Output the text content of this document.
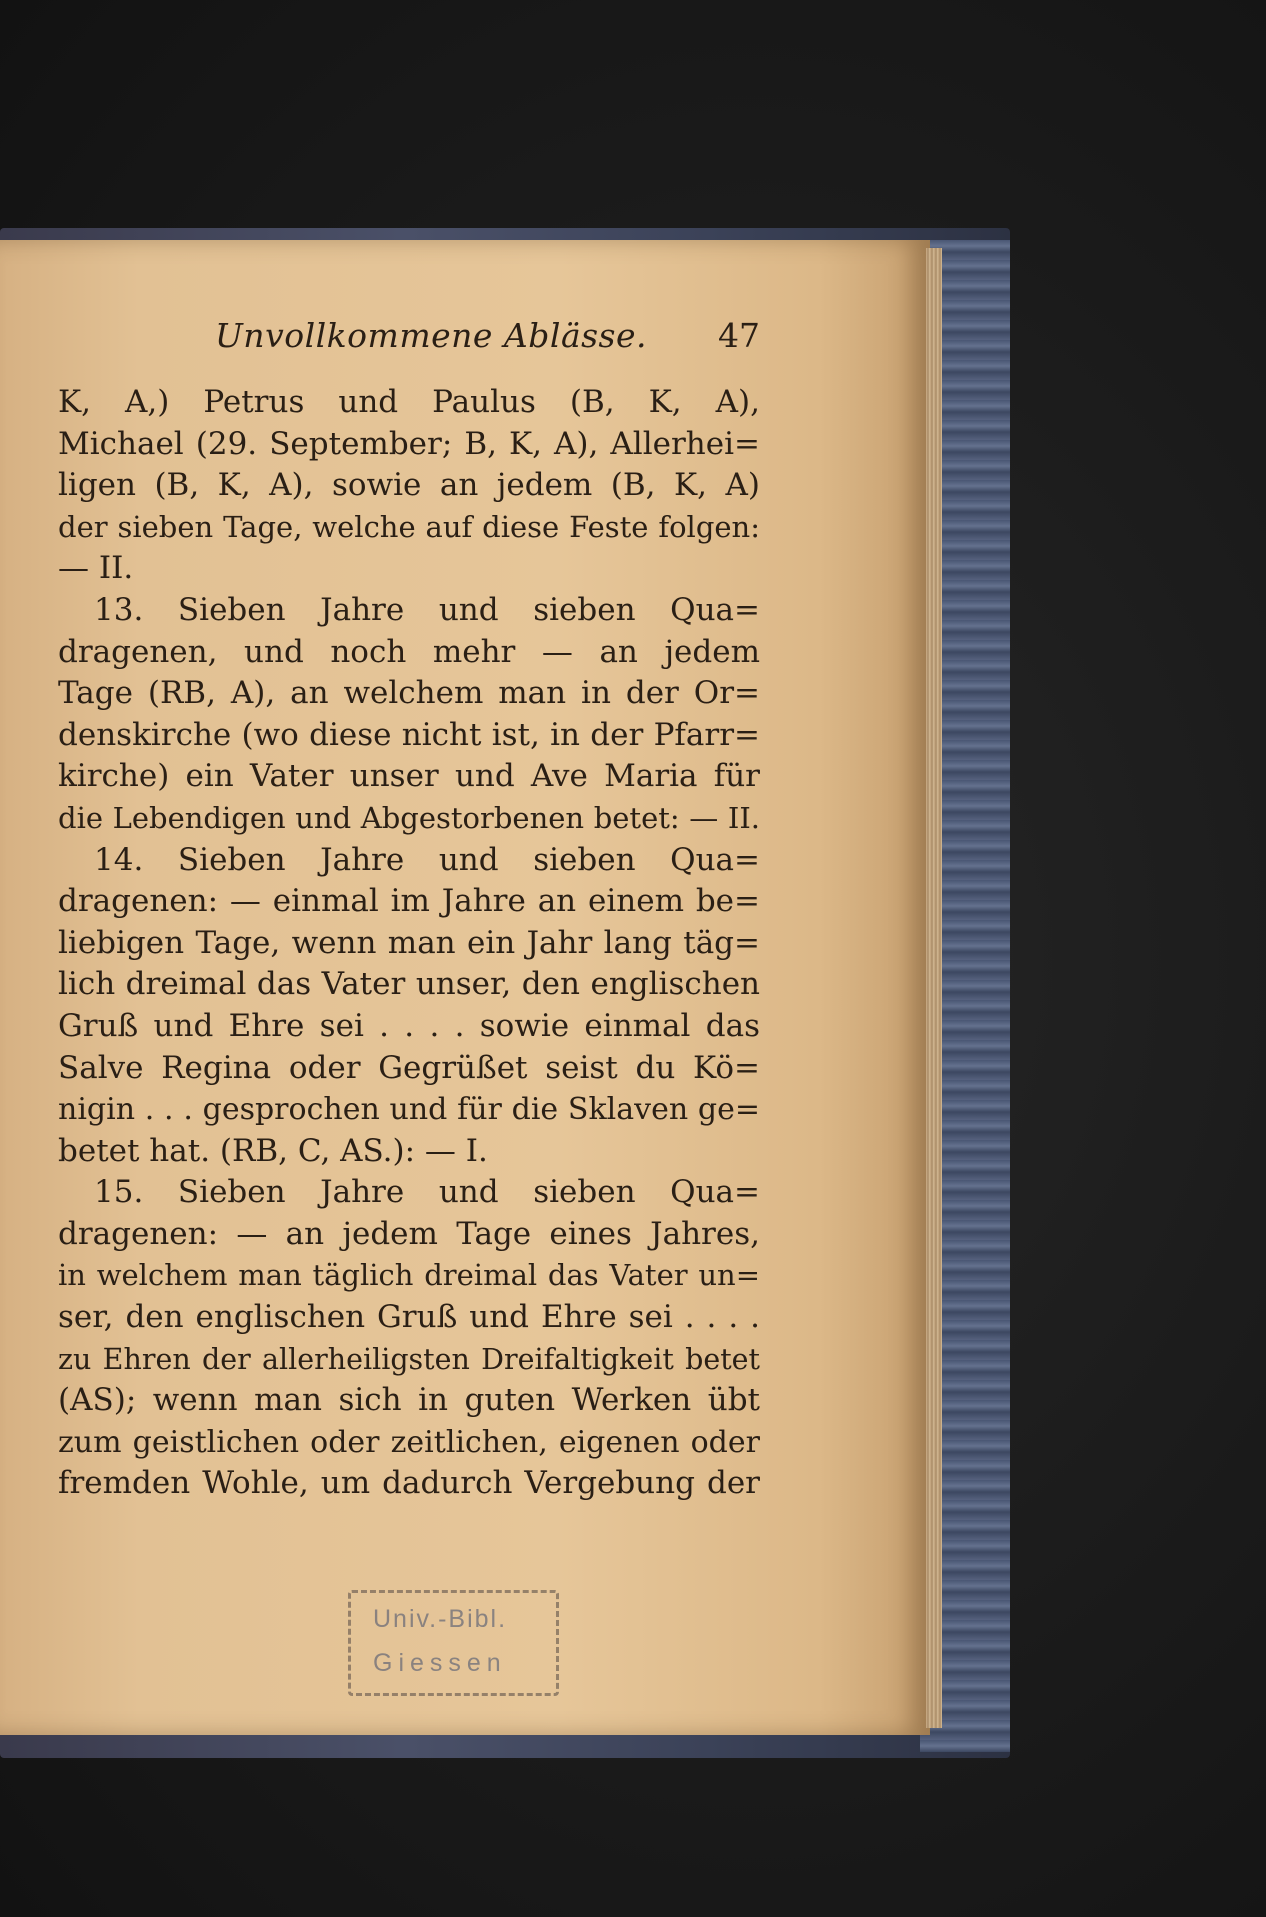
Unvollkommene Ablässe. 47
K, A,) Petrus und Paulus (B, K, A),
Michael (29. September; B, K, A), Allerhei=
ligen (B, K, A), sowie an jedem (B, K, A)
der sieben Tage, welche auf diese Feste folgen:
— II.
13. Sieben Jahre und sieben Qua=
dragenen, und noch mehr — an jedem
Tage (RB, A), an welchem man in der Or=
denskirche (wo diese nicht ist, in der Pfarr=
kirche) ein Vater unser und Ave Maria für
die Lebendigen und Abgestorbenen betet: — II.
14. Sieben Jahre und sieben Qua=
dragenen: — einmal im Jahre an einem be=
liebigen Tage, wenn man ein Jahr lang täg=
lich dreimal das Vater unser, den englischen
Gruß und Ehre sei . . . . sowie einmal das
Salve Regina oder Gegrüßet seist du Kö=
nigin . . . gesprochen und für die Sklaven ge=
betet hat. (RB, C, AS.): — I.
15. Sieben Jahre und sieben Qua=
dragenen: — an jedem Tage eines Jahres,
in welchem man täglich dreimal das Vater un=
ser, den englischen Gruß und Ehre sei . . . .
zu Ehren der allerheiligsten Dreifaltigkeit betet
(AS); wenn man sich in guten Werken übt
zum geistlichen oder zeitlichen, eigenen oder
fremden Wohle, um dadurch Vergebung der
Univ.-Bibl.
Giessen
